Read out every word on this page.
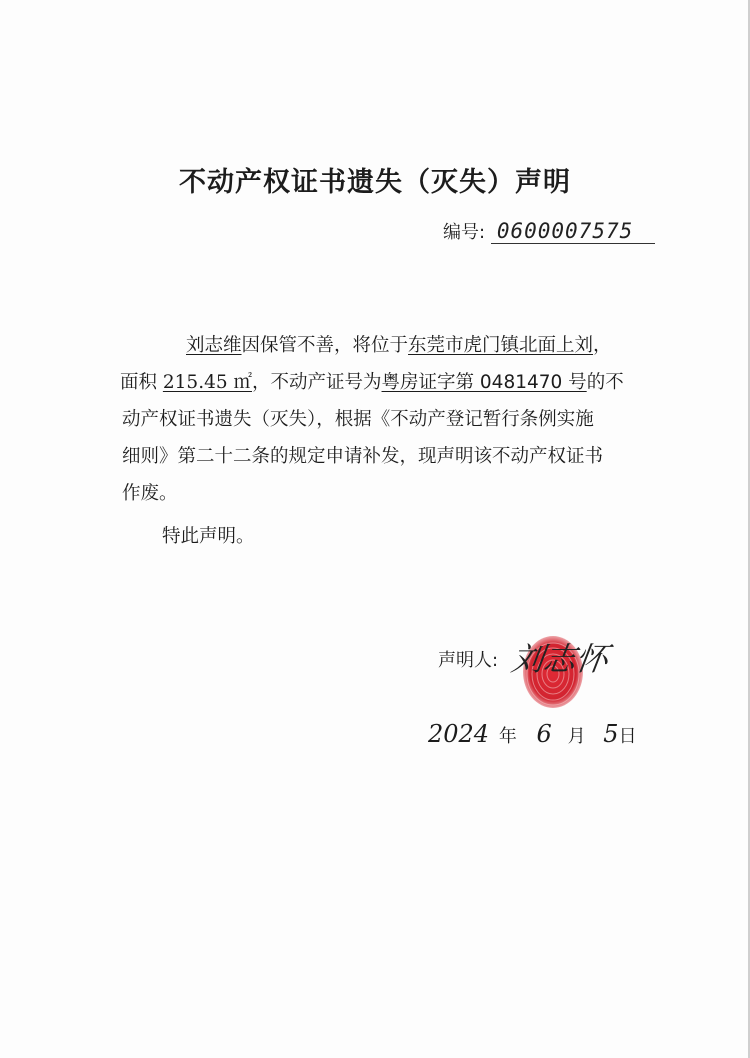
不动产权证书遗失（灭失）声明
编号: 0600007575
刘志维因保管不善，将位于东莞市虎门镇北面上刘，
面积 215.45 ㎡，不动产证号为粤房证字第 0481470 号的不
动产权证书遗失（灭失），根据《不动产登记暂行条例实施
细则》第二十二条的规定申请补发，现声明该不动产权证书
作废。
特此声明。
声明人: 刘志怀
2024 年 6 月 5日
